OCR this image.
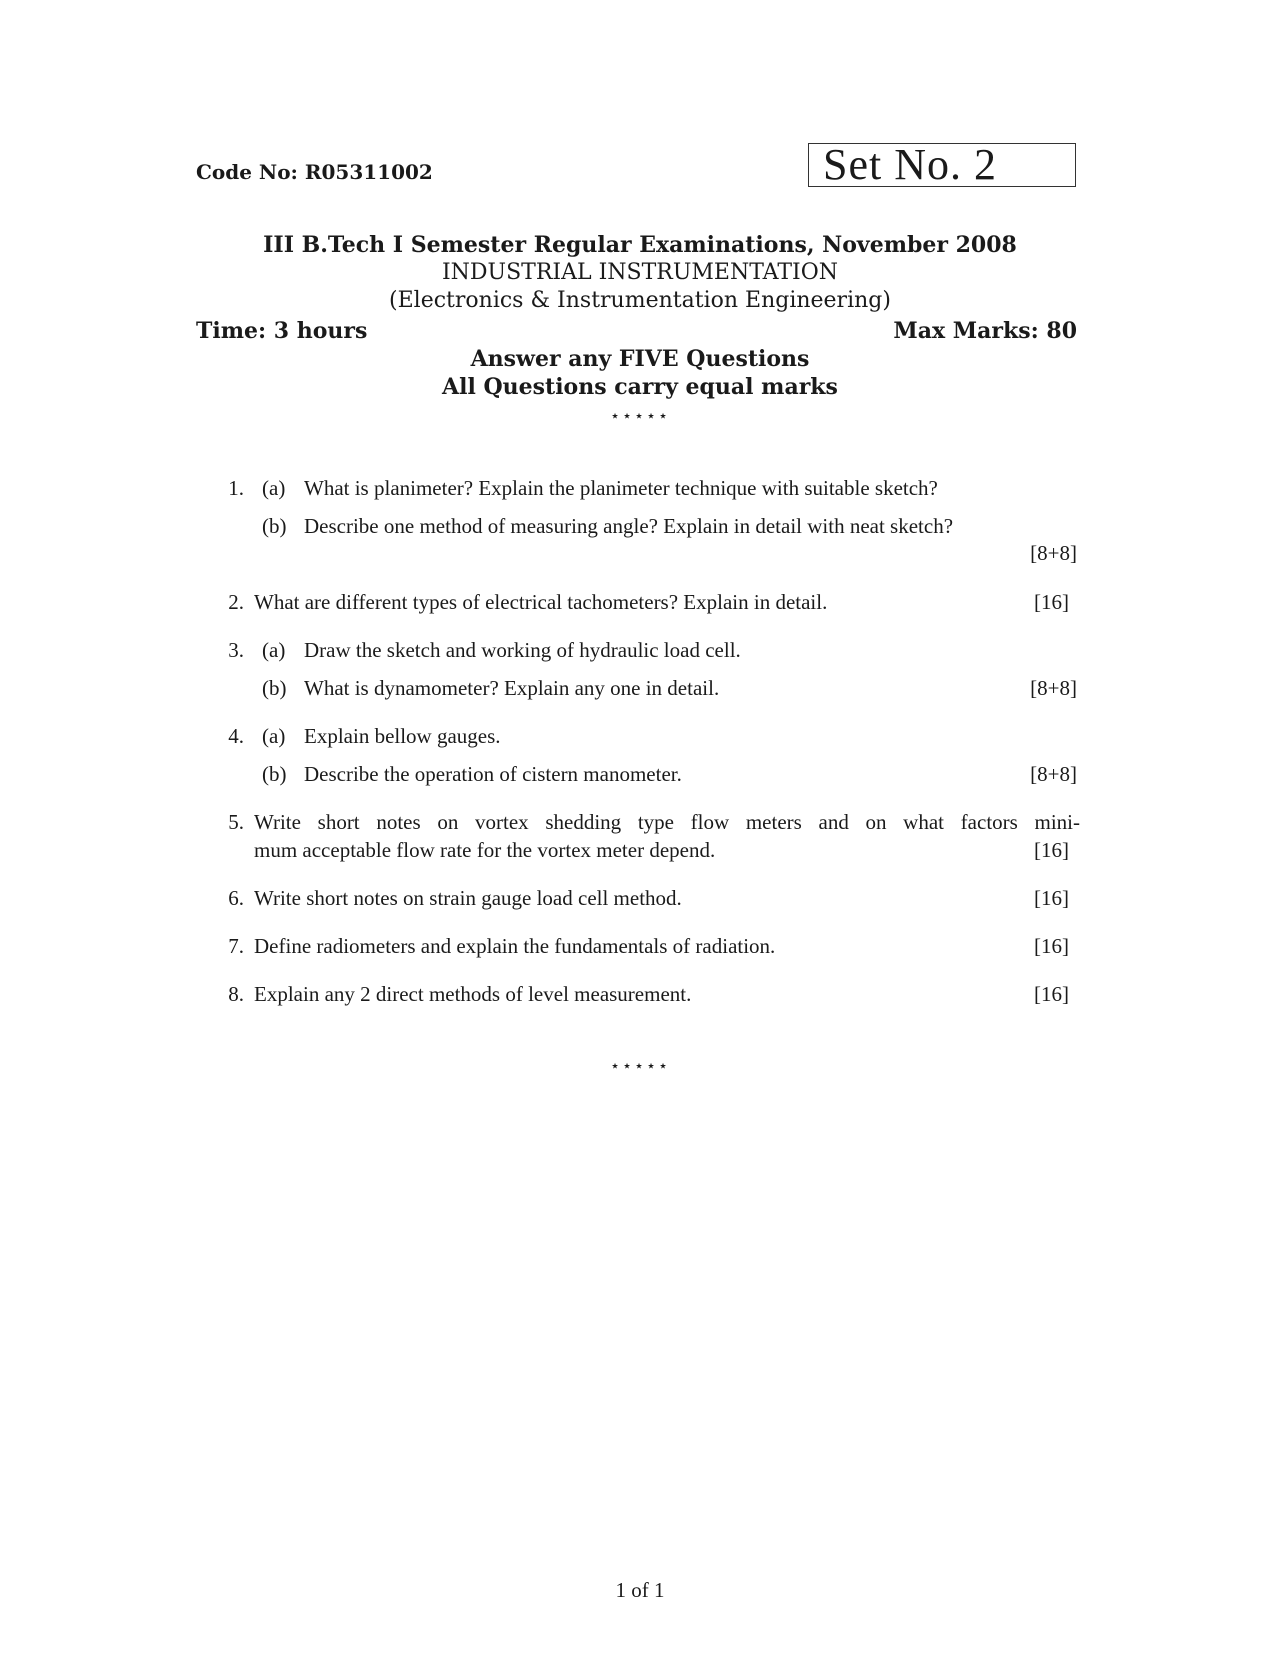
Code No: R05311002	Set No. 2
III B.Tech I Semester Regular Examinations, November 2008
INDUSTRIAL INSTRUMENTATION
(Electronics & Instrumentation Engineering)
Time: 3 hours	Max Marks: 80
Answer any FIVE Questions
All Questions carry equal marks
⋆⋆⋆⋆⋆
1. (a) What is planimeter? Explain the planimeter technique with suitable sketch?
(b) Describe one method of measuring angle? Explain in detail with neat sketch?
[8+8]
2. What are different types of electrical tachometers? Explain in detail.	[16]
3. (a) Draw the sketch and working of hydraulic load cell.
(b) What is dynamometer? Explain any one in detail.	[8+8]
4. (a) Explain bellow gauges.
(b) Describe the operation of cistern manometer.	[8+8]
5. Write short notes on vortex shedding type flow meters and on what factors mini-
mum acceptable flow rate for the vortex meter depend.	[16]
6. Write short notes on strain gauge load cell method.	[16]
7. Define radiometers and explain the fundamentals of radiation.	[16]
8. Explain any 2 direct methods of level measurement.	[16]
⋆⋆⋆⋆⋆
1 of 1
